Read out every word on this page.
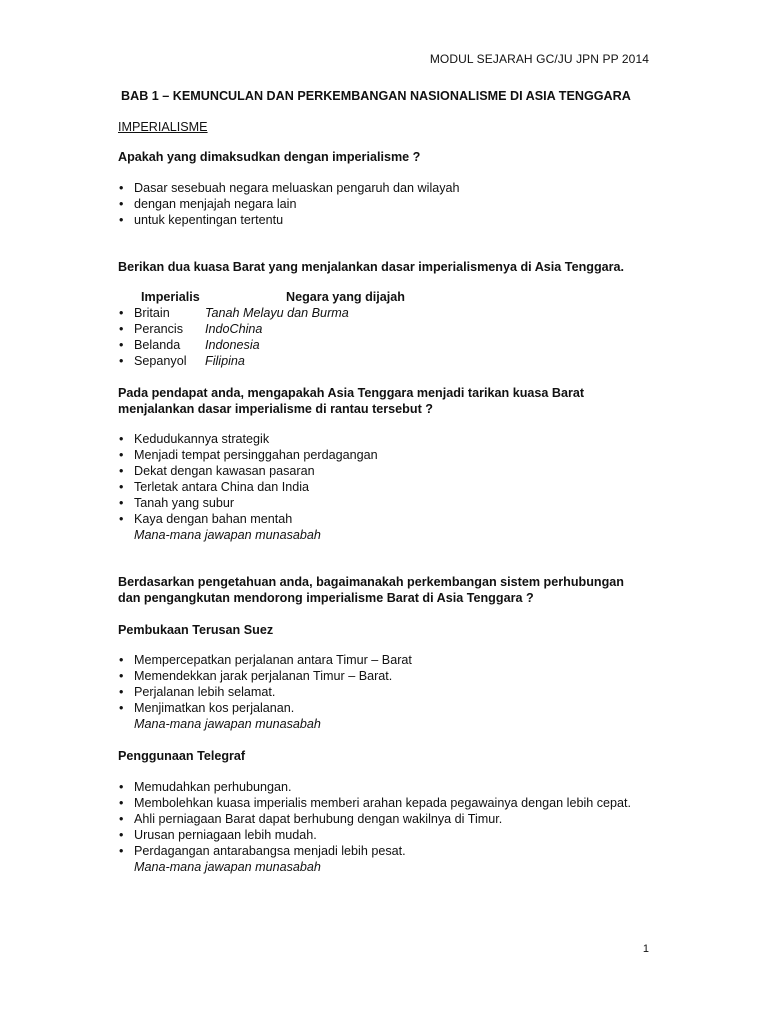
MODUL SEJARAH GC/JU JPN PP 2014
BAB 1 – KEMUNCULAN DAN PERKEMBANGAN NASIONALISME DI ASIA TENGGARA
IMPERIALISME
Apakah yang dimaksudkan dengan imperialisme ?
• Dasar sesebuah negara meluaskan pengaruh dan wilayah
• dengan menjajah negara lain
• untuk kepentingan tertentu
Berikan dua kuasa Barat yang menjalankan dasar imperialismenya di Asia Tenggara.
Imperialis	Negara yang dijajah
• Britain	Tanah Melayu dan Burma
• Perancis IndoChina
• Belanda Indonesia
• Sepanyol Filipina
Pada pendapat anda, mengapakah Asia Tenggara menjadi tarikan kuasa Barat
menjalankan dasar imperialisme di rantau tersebut ?
• Kedudukannya strategik
• Menjadi tempat persinggahan perdagangan
• Dekat dengan kawasan pasaran
• Terletak antara China dan India
• Tanah yang subur
• Kaya dengan bahan mentah
Mana-mana jawapan munasabah
Berdasarkan pengetahuan anda, bagaimanakah perkembangan sistem perhubungan
dan pengangkutan mendorong imperialisme Barat di Asia Tenggara ?
Pembukaan Terusan Suez
• Mempercepatkan perjalanan antara Timur – Barat
• Memendekkan jarak perjalanan Timur – Barat.
• Perjalanan lebih selamat.
• Menjimatkan kos perjalanan.
Mana-mana jawapan munasabah
Penggunaan Telegraf
• Memudahkan perhubungan.
• Membolehkan kuasa imperialis memberi arahan kepada pegawainya dengan lebih cepat.
• Ahli perniagaan Barat dapat berhubung dengan wakilnya di Timur.
• Urusan perniagaan lebih mudah.
• Perdagangan antarabangsa menjadi lebih pesat.
Mana-mana jawapan munasabah
1
